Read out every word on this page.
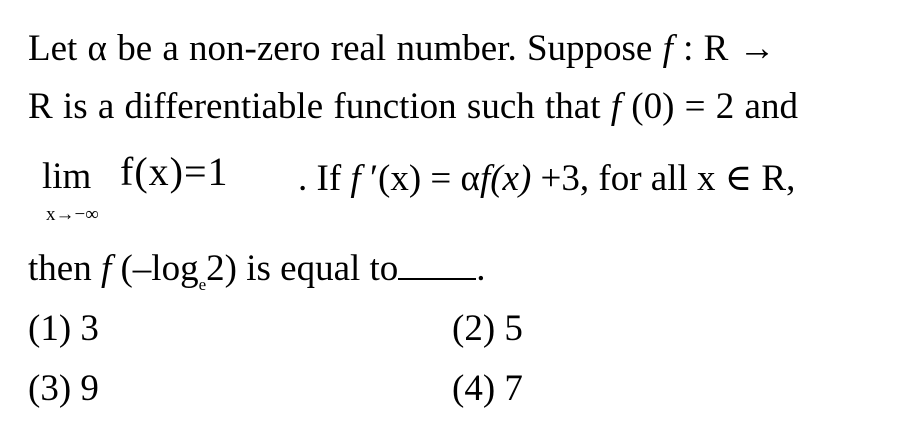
Let α be a non-zero real number. Suppose f : R →
R is a differentiable function such that f (0) = 2 and
lim
x→−∞
f(x)=1 . If f ′(x) = αf(x) +3, for all x ∈ R,
then f $(-\log_e2)$ is equal to .
(1) 3	(2) 5
(3) 9	(4) 7
